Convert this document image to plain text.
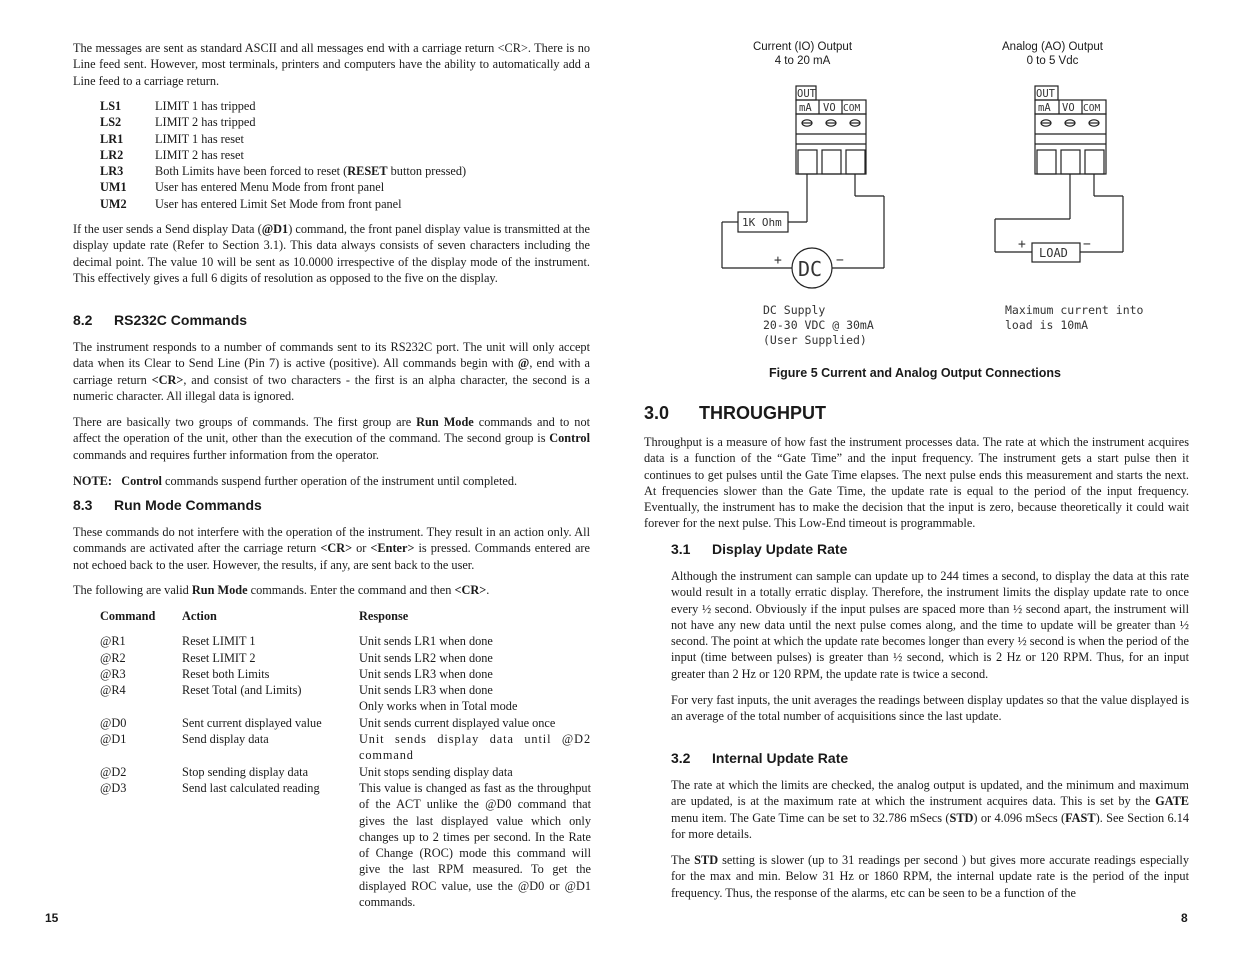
The messages are sent as standard ASCII and all messages end with a carriage return <CR>. There is no Line feed sent. However, most terminals, printers and computers have the ability to automatically add a Line feed to a carriage return.

LS1	LIMIT 1 has tripped
LS2	LIMIT 2 has tripped
LR1	LIMIT 1 has reset
LR2	LIMIT 2 has reset
LR3	Both Limits have been forced to reset (RESET button pressed)
UM1	User has entered Menu Mode from front panel
UM2	User has entered Limit Set Mode from front panel

If the user sends a Send display Data (@D1) command, the front panel display value is transmitted at the display update rate (Refer to Section 3.1). This data always consists of seven characters including the decimal point. The value 10 will be sent as 10.0000 irrespective of the display mode of the instrument. This effectively gives a full 6 digits of resolution as opposed to the five on the display.

8.2 RS232C Commands

The instrument responds to a number of commands sent to its RS232C port. The unit will only accept data when its Clear to Send Line (Pin 7) is active (positive). All commands begin with @, end with a carriage return <CR>, and consist of two characters - the first is an alpha character, the second is a numeric character. All illegal data is ignored.

There are basically two groups of commands. The first group are Run Mode commands and to not affect the operation of the unit, other than the execution of the command. The second group is Control commands and requires further information from the operator.

NOTE: Control commands suspend further operation of the instrument until completed.

8.3 Run Mode Commands

These commands do not interfere with the operation of the instrument. They result in an action only. All commands are activated after the carriage return <CR> or <Enter> is pressed. Commands entered are not echoed back to the user. However, the results, if any, are sent back to the user.

The following are valid Run Mode commands. Enter the command and then <CR>.

Command	Action	Response
@R1	Reset LIMIT 1	Unit sends LR1 when done
@R2	Reset LIMIT 2	Unit sends LR2 when done
@R3	Reset both Limits	Unit sends LR3 when done
@R4	Reset Total (and Limits)	Unit sends LR3 when done
		Only works when in Total mode
@D0	Sent current displayed value	Unit sends current displayed value once
@D1	Send display data	Unit sends display data until @D2 command
@D2	Stop sending display data	Unit stops sending display data
@D3	Send last calculated reading	This value is changed as fast as the throughput of the ACT unlike the @D0 command that gives the last displayed value which only changes up to 2 times per second. In the Rate of Change (ROC) mode this command will give the last RPM measured. To get the displayed ROC value, use the @D0 or @D1 commands.
15
Current (IO) Output
4 to 20 mA
Analog (AO) Output
0 to 5 Vdc
OUT
mA VO COM
1K Ohm
DC
+	−
DC Supply
20-30 VDC @ 30mA
(User Supplied)
OUT
mA VO COM
LOAD
+	−
Maximum current into
load is 10mA
Figure 5 Current and Analog Output Connections
3.0 THROUGHPUT

Throughput is a measure of how fast the instrument processes data. The rate at which the instrument acquires data is a function of the “Gate Time” and the input frequency. The instrument gets a start pulse then it continues to get pulses until the Gate Time elapses. The next pulse ends this measurement and starts the next. At frequencies slower than the Gate Time, the update rate is equal to the period of the input frequency. Eventually, the instrument has to make the decision that the input is zero, because theoretically it could wait forever for the next pulse. This Low-End timeout is programmable.

3.1 Display Update Rate

Although the instrument can sample can update up to 244 times a second, to display the data at this rate would result in a totally erratic display. Therefore, the instrument limits the display update rate to once every ½ second. Obviously if the input pulses are spaced more than ½ second apart, the instrument will not have any new data until the next pulse comes along, and the time to update will be greater than ½ second. The point at which the update rate becomes longer than every ½ second is when the period of the input (time between pulses) is greater than ½ second, which is 2 Hz or 120 RPM. Thus, for an input greater than 2 Hz or 120 RPM, the update rate is twice a second.

For very fast inputs, the unit averages the readings between display updates so that the value displayed is an average of the total number of acquisitions since the last update.

3.2 Internal Update Rate

The rate at which the limits are checked, the analog output is updated, and the minimum and maximum are updated, is at the maximum rate at which the instrument acquires data. This is set by the GATE menu item. The Gate Time can be set to 32.786 mSecs (STD) or 4.096 mSecs (FAST). See Section 6.14 for more details.

The STD setting is slower (up to 31 readings per second ) but gives more accurate readings especially for the max and min. Below 31 Hz or 1860 RPM, the internal update rate is the period of the input frequency. Thus, the response of the alarms, etc can be seen to be a function of the

8
